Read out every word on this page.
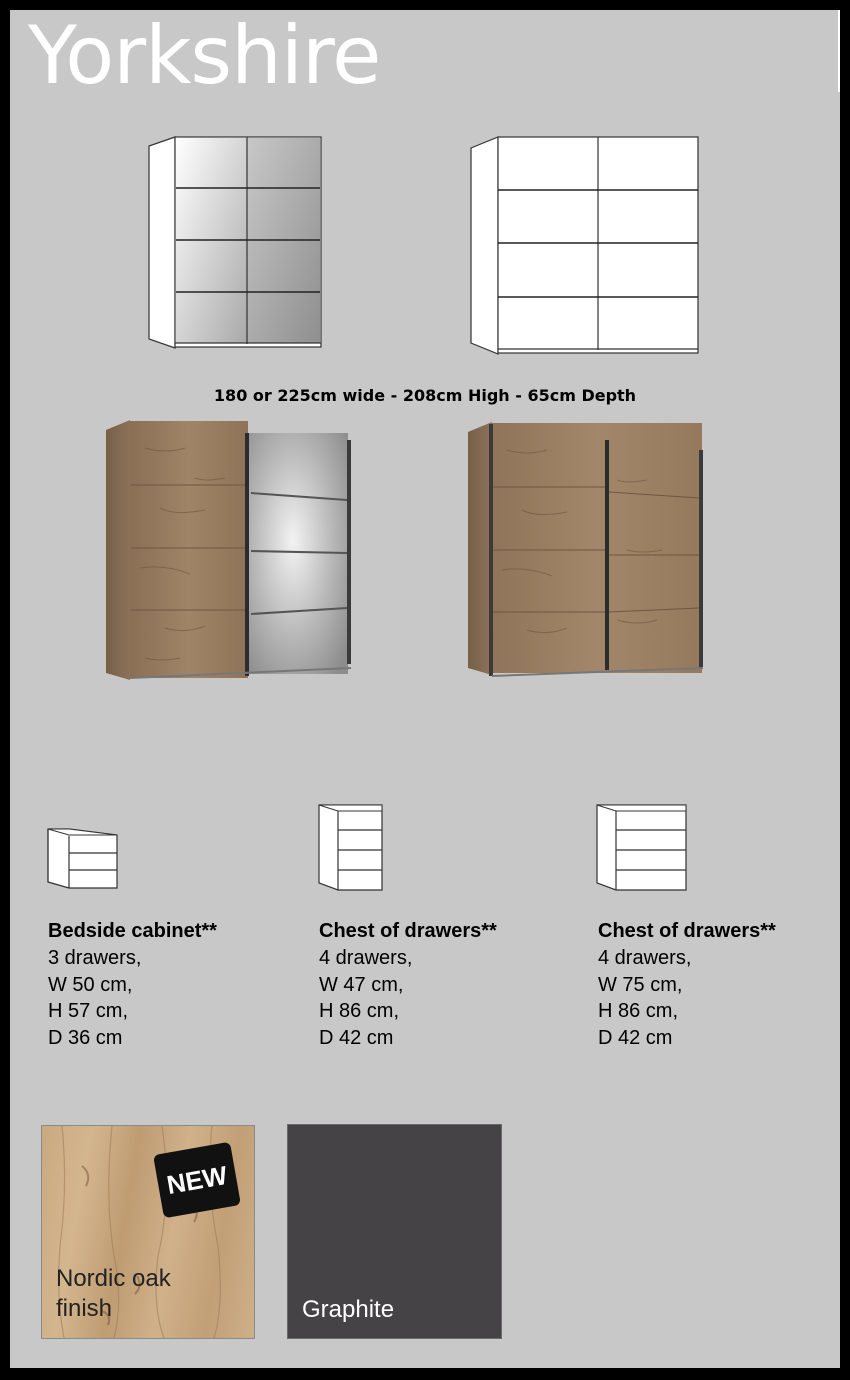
Yorkshire
180 or 225cm wide - 208cm High - 65cm Depth
Bedside cabinet**
3 drawers,
W 50 cm,
H 57 cm,
D 36 cm
Chest of drawers**
4 drawers,
W 47 cm,
H 86 cm,
D 42 cm
Chest of drawers**
4 drawers,
W 75 cm,
H 86 cm,
D 42 cm
NEW
Nordic oak finish	Graphite
